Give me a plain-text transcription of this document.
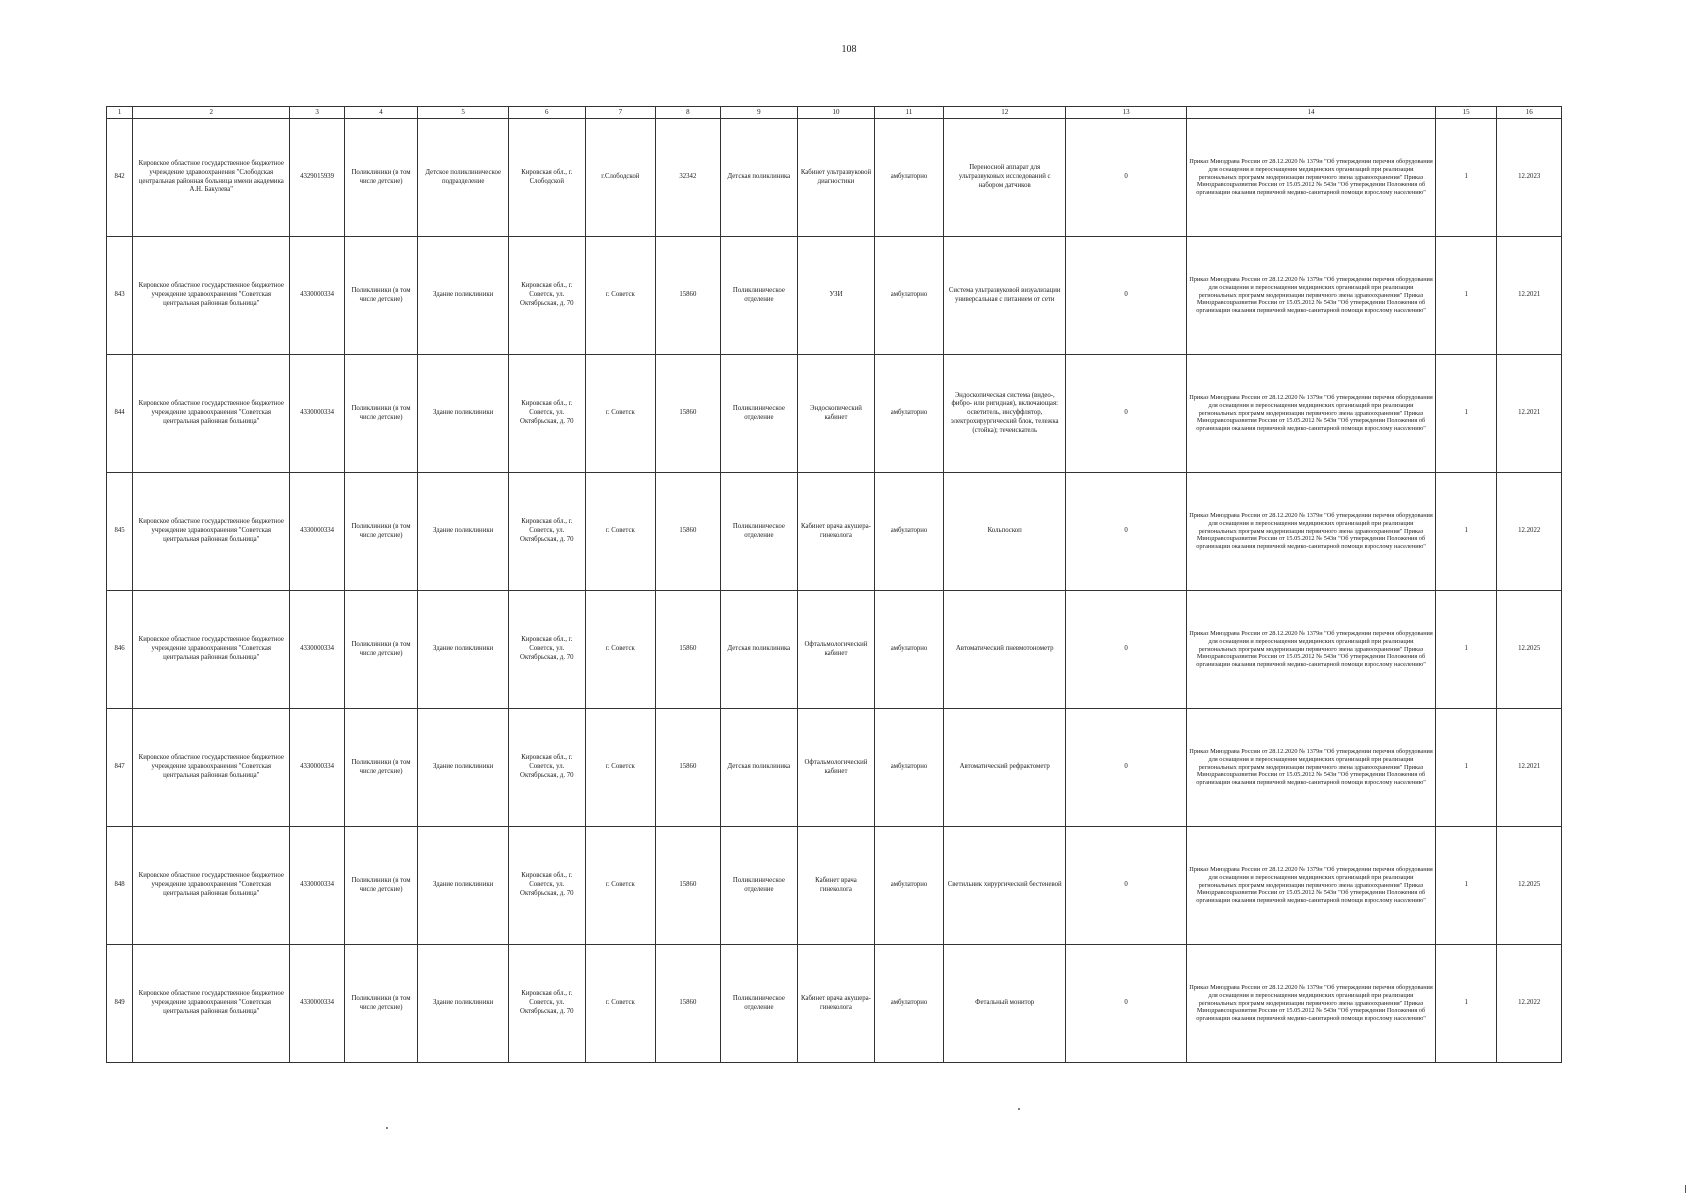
108
1	2	3	4	5	6	7	8	9	10	11	12	13	14	15	16
842	Кировское областное государственное бюджетное учреждение здравоохранения "Слободская центральная районная больница имени академика А.Н. Бакулева"	4329015939	Поликлиники (в том числе детские)	Детское поликлиническое подразделение	Кировская обл., г. Слободской	г.Слободской	32342	Детская поликлиника	Кабинет ультразвуковой диагностики	амбулаторно	Переносной аппарат для ультразвуковых исследований с набором датчиков	0	Приказ Минздрава России от 28.12.2020 № 1379н "Об утверждении перечня оборудования для оснащения и переоснащения медицинских организаций при реализации региональных программ модернизации первичного звена здравоохранения" Приказ Минздравсоцразвития России от 15.05.2012 № 543н "Об утверждении Положения об организации оказания первичной медико-санитарной помощи взрослому населению"	1	12.2023
843	Кировское областное государственное бюджетное учреждение здравоохранения "Советская центральная районная больница"	4330000334	Поликлиники (в том числе детские)	Здание поликлиники	Кировская обл., г. Советск, ул. Октябрьская, д. 70	г. Советск	15860	Поликлиническое отделение	УЗИ	амбулаторно	Система ультразвуковой визуализации универсальная с питанием от сети	0	Приказ Минздрава России от 28.12.2020 № 1379н "Об утверждении перечня оборудования для оснащения и переоснащения медицинских организаций при реализации региональных программ модернизации первичного звена здравоохранения" Приказ Минздравсоцразвития России от 15.05.2012 № 543н "Об утверждении Положения об организации оказания первичной медико-санитарной помощи взрослому населению"	1	12.2021
844	Кировское областное государственное бюджетное учреждение здравоохранения "Советская центральная районная больница"	4330000334	Поликлиники (в том числе детские)	Здание поликлиники	Кировская обл., г. Советск, ул. Октябрьская, д. 70	г. Советск	15860	Поликлиническое отделение	Эндоскопический кабинет	амбулаторно	Эндоскопическая система (видео-, фибро- или ригидная), включающая: осветитель, инсуффлятор, электрохирургический блок, тележка (стойка); течеискатель	0	Приказ Минздрава России от 28.12.2020 № 1379н "Об утверждении перечня оборудования для оснащения и переоснащения медицинских организаций при реализации региональных программ модернизации первичного звена здравоохранения" Приказ Минздравсоцразвития России от 15.05.2012 № 543н "Об утверждении Положения об организации оказания первичной медико-санитарной помощи взрослому населению"	1	12.2021
845	Кировское областное государственное бюджетное учреждение здравоохранения "Советская центральная районная больница"	4330000334	Поликлиники (в том числе детские)	Здание поликлиники	Кировская обл., г. Советск, ул. Октябрьская, д. 70	г. Советск	15860	Поликлиническое отделение	Кабинет врача акушера-гинеколога	амбулаторно	Кольпоскоп	0	Приказ Минздрава России от 28.12.2020 № 1379н "Об утверждении перечня оборудования для оснащения и переоснащения медицинских организаций при реализации региональных программ модернизации первичного звена здравоохранения" Приказ Минздравсоцразвития России от 15.05.2012 № 543н "Об утверждении Положения об организации оказания первичной медико-санитарной помощи взрослому населению"	1	12.2022
846	Кировское областное государственное бюджетное учреждение здравоохранения "Советская центральная районная больница"	4330000334	Поликлиники (в том числе детские)	Здание поликлиники	Кировская обл., г. Советск, ул. Октябрьская, д. 70	г. Советск	15860	Детская поликлиника	Офтальмологический кабинет	амбулаторно	Автоматический пневмотонометр	0	Приказ Минздрава России от 28.12.2020 № 1379н "Об утверждении перечня оборудования для оснащения и переоснащения медицинских организаций при реализации региональных программ модернизации первичного звена здравоохранения" Приказ Минздравсоцразвития России от 15.05.2012 № 543н "Об утверждении Положения об организации оказания первичной медико-санитарной помощи взрослому населению"	1	12.2025
847	Кировское областное государственное бюджетное учреждение здравоохранения "Советская центральная районная больница"	4330000334	Поликлиники (в том числе детские)	Здание поликлиники	Кировская обл., г. Советск, ул. Октябрьская, д. 70	г. Советск	15860	Детская поликлиника	Офтальмологический кабинет	амбулаторно	Автоматический рефрактометр	0	Приказ Минздрава России от 28.12.2020 № 1379н "Об утверждении перечня оборудования для оснащения и переоснащения медицинских организаций при реализации региональных программ модернизации первичного звена здравоохранения" Приказ Минздравсоцразвития России от 15.05.2012 № 543н "Об утверждении Положения об организации оказания первичной медико-санитарной помощи взрослому населению"	1	12.2021
848	Кировское областное государственное бюджетное учреждение здравоохранения "Советская центральная районная больница"	4330000334	Поликлиники (в том числе детские)	Здание поликлиники	Кировская обл., г. Советск, ул. Октябрьская, д. 70	г. Советск	15860	Поликлиническое отделение	Кабинет врача гинеколога	амбулаторно	Светильник хирургический бестеневой	0	Приказ Минздрава России от 28.12.2020 № 1379н "Об утверждении перечня оборудования для оснащения и переоснащения медицинских организаций при реализации региональных программ модернизации первичного звена здравоохранения" Приказ Минздравсоцразвития России от 15.05.2012 № 543н "Об утверждении Положения об организации оказания первичной медико-санитарной помощи взрослому населению"	1	12.2025
849	Кировское областное государственное бюджетное учреждение здравоохранения "Советская центральная районная больница"	4330000334	Поликлиники (в том числе детские)	Здание поликлиники	Кировская обл., г. Советск, ул. Октябрьская, д. 70	г. Советск	15860	Поликлиническое отделение	Кабинет врача акушера-гинеколога	амбулаторно	Фетальный монитор	0	Приказ Минздрава России от 28.12.2020 № 1379н "Об утверждении перечня оборудования для оснащения и переоснащения медицинских организаций при реализации региональных программ модернизации первичного звена здравоохранения" Приказ Минздравсоцразвития России от 15.05.2012 № 543н "Об утверждении Положения об организации оказания первичной медико-санитарной помощи взрослому населению"	1	12.2022
